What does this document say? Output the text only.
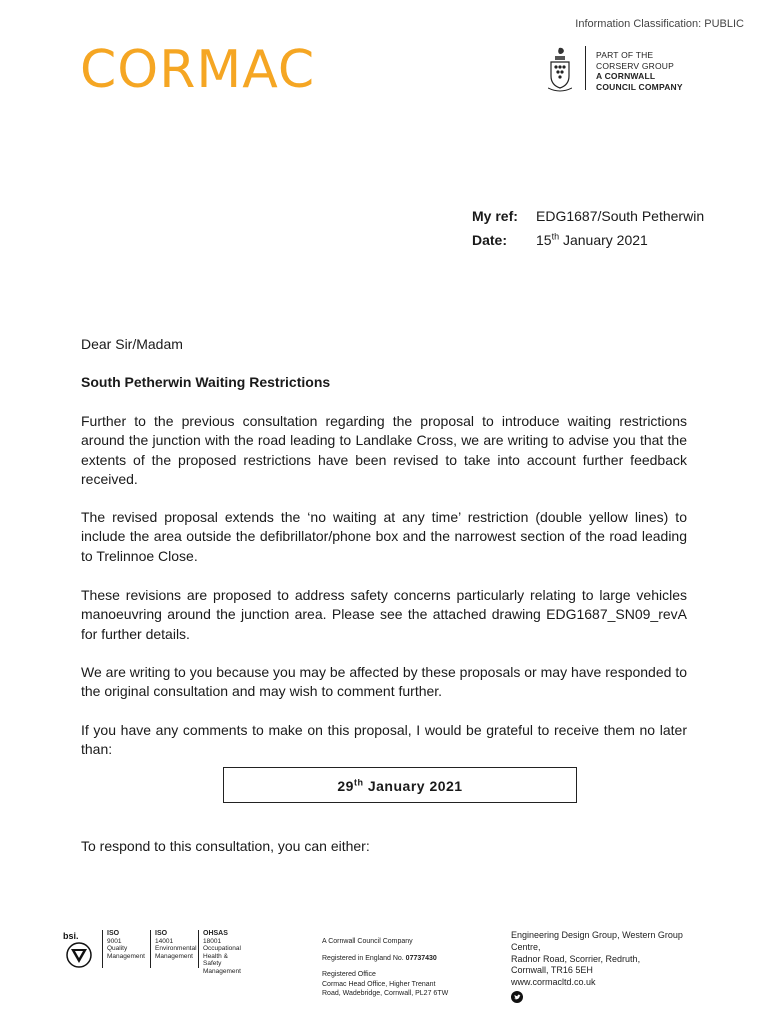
Information Classification: PUBLIC
CORMAC	PART OF THE
CORSERV GROUP
A CORNWALL
COUNCIL COMPANY
My ref: EDG1687/South Petherwin
Date: 15th January 2021
Dear Sir/Madam
South Petherwin Waiting Restrictions

Further to the previous consultation regarding the proposal to introduce waiting restrictions around the junction with the road leading to Landlake Cross, we are writing to advise you that the extents of the proposed restrictions have been revised to take into account further feedback received.

The revised proposal extends the ‘no waiting at any time’ restriction (double yellow lines) to include the area outside the defibrillator/phone box and the narrowest section of the road leading to Trelinnoe Close.

These revisions are proposed to address safety concerns particularly relating to large vehicles manoeuvring around the junction area. Please see the attached drawing EDG1687_SN09_revA for further details.

We are writing to you because you may be affected by these proposals or may have responded to the original consultation and may wish to comment further.

If you have any comments to make on this proposal, I would be grateful to receive them no later than:

29th January 2021

To respond to this consultation, you can either:

bsi.	ISO
9001
Quality Management
ISO
14001
Environmental Management
OHSAS
18001
Occupational Health & Safety Management
A Cornwall Council Company
Registered in England No. 07737430
Registered Office
Cormac Head Office, Higher Trenant
Road, Wadebridge, Cornwall, PL27 6TW
Engineering Design Group, Western Group Centre,
Radnor Road, Scorrier, Redruth,
Cornwall, TR16 5EH
www.cormacltd.co.uk
